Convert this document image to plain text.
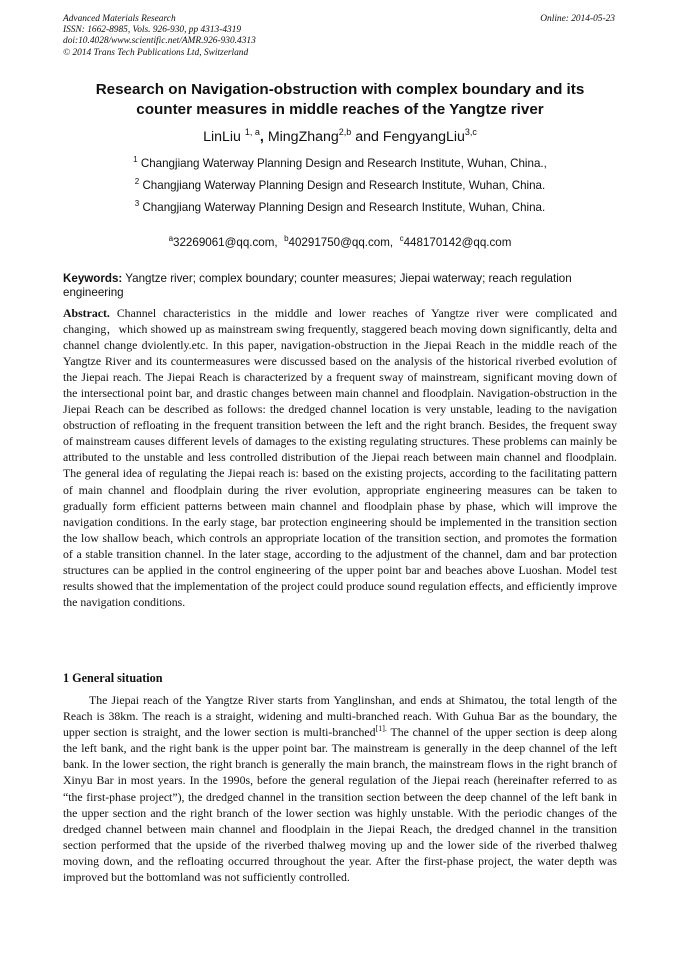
Advanced Materials Research
ISSN: 1662-8985, Vols. 926-930, pp 4313-4319
doi:10.4028/www.scientific.net/AMR.926-930.4313
© 2014 Trans Tech Publications Ltd, Switzerland
Online: 2014-05-23
Research on Navigation-obstruction with complex boundary and its
counter measures in middle reaches of the Yangtze river
LinLiu $^{1, a}$, MingZhang$^{2,b}$ and FengyangLiu$^{3,c}$
$^1$ Changjiang Waterway Planning Design and Research Institute, Wuhan, China.,
$^2$ Changjiang Waterway Planning Design and Research Institute, Wuhan, China.
$^3$ Changjiang Waterway Planning Design and Research Institute, Wuhan, China.
$^a$32269061@qq.com, $^b$40291750@qq.com, $^c$448170142@qq.com
Keywords: Yangtze river; complex boundary; counter measures; Jiepai waterway; reach regulation engineering
Abstract. Channel characteristics in the middle and lower reaches of Yangtze river were complicated and changing，which showed up as mainstream swing frequently, staggered beach moving down significantly, delta and channel change dviolently.etc. In this paper, navigation-obstruction in the Jiepai Reach in the middle reach of the Yangtze River and its countermeasures were discussed based on the analysis of the historical riverbed evolution of the Jiepai reach. The Jiepai Reach is characterized by a frequent sway of mainstream, significant moving down of the intersectional point bar, and drastic changes between main channel and floodplain. Navigation-obstruction in the Jiepai Reach can be described as follows: the dredged channel location is very unstable, leading to the navigation obstruction of refloating in the frequent transition between the left and the right branch. Besides, the frequent sway of mainstream causes different levels of damages to the existing regulating structures. These problems can mainly be attributed to the unstable and less controlled distribution of the Jiepai reach between main channel and floodplain. The general idea of regulating the Jiepai reach is: based on the existing projects, according to the facilitating pattern of main channel and floodplain during the river evolution, appropriate engineering measures can be taken to gradually form efficient patterns between main channel and floodplain phase by phase, which will improve the navigation conditions. In the early stage, bar protection engineering should be implemented in the transition section the low shallow beach, which controls an appropriate location of the transition section, and promotes the formation of a stable transition channel. In the later stage, according to the adjustment of the channel, dam and bar protection structures can be applied in the control engineering of the upper point bar and beaches above Luoshan. Model test results showed that the implementation of the project could produce sound regulation effects, and efficiently improve the navigation conditions.
1 General situation
The Jiepai reach of the Yangtze River starts from Yanglinshan, and ends at Shimatou, the total length of the Reach is 38km. The reach is a straight, widening and multi-branched reach. With Guhua Bar as the boundary, the upper section is straight, and the lower section is multi-branched$^{[1].}$ The channel of the upper section is deep along the left bank, and the right bank is the upper point bar. The mainstream is generally in the deep channel of the left bank. In the lower section, the right branch is generally the main branch, the mainstream flows in the right branch of Xinyu Bar in most years. In the 1990s, before the general regulation of the Jiepai reach (hereinafter referred to as “the first-phase project”), the dredged channel in the transition section between the deep channel of the left bank in the upper section and the right branch of the lower section was highly unstable. With the periodic changes of the dredged channel between main channel and floodplain in the Jiepai Reach, the dredged channel in the transition section performed that the upside of the riverbed thalweg moving up and the lower side of the riverbed thalweg moving down, and the refloating occurred throughout the year. After the first-phase project, the water depth was improved but the bottomland was not sufficiently controlled.
